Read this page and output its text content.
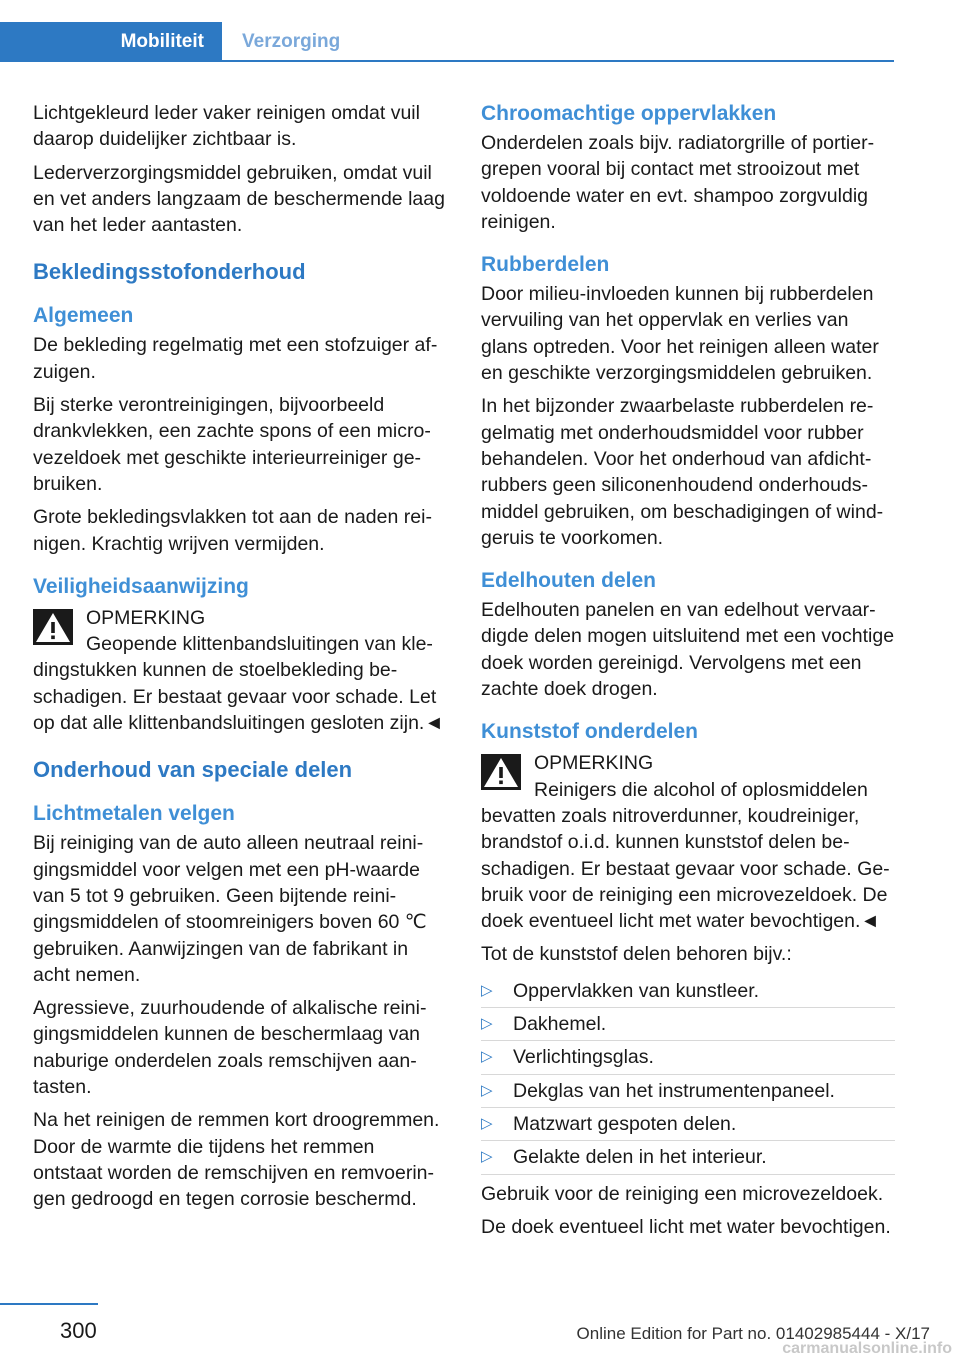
Mobiliteit	Verzorging

Lichtgekleurd leder vaker reinigen omdat vuil daarop duidelijker zichtbaar is.

Lederverzorgingsmiddel gebruiken, omdat vuil en vet anders langzaam de beschermende laag van het leder aantasten.

Bekledingsstofonderhoud
Algemeen

De bekleding regelmatig met een stofzuiger afzuigen.

Bij sterke verontreinigingen, bijvoorbeeld drankvlekken, een zachte spons of een microvezeldoek met geschikte interieurreiniger gebruiken.

Grote bekledingsvlakken tot aan de naden reinigen. Krachtig wrijven vermijden.

Veiligheidsaanwijzing
OPMERKING

Geopende klittenbandsluitingen van kledingstukken kunnen de stoelbekleding beschadigen. Er bestaat gevaar voor schade. Let op dat alle klittenbandsluitingen gesloten zijn.◄

Onderhoud van speciale delen
Lichtmetalen velgen

Bij reiniging van de auto alleen neutraal reinigingsmiddel voor velgen met een pH-waarde van 5 tot 9 gebruiken. Geen bijtende reinigingsmiddelen of stoomreinigers boven 60 ℃ gebruiken. Aanwijzingen van de fabrikant in acht nemen.

Agressieve, zuurhoudende of alkalische reinigingsmiddelen kunnen de beschermlaag van naburige onderdelen zoals remschijven aantasten.

Na het reinigen de remmen kort droogremmen. Door de warmte die tijdens het remmen ontstaat worden de remschijven en remvoeringen gedroogd en tegen corrosie beschermd.

Chroomachtige oppervlakken

Onderdelen zoals bijv. radiatorgrille of portiergrepen vooral bij contact met strooizout met voldoende water en evt. shampoo zorgvuldig reinigen.

Rubberdelen

Door milieu-invloeden kunnen bij rubberdelen vervuiling van het oppervlak en verlies van glans optreden. Voor het reinigen alleen water en geschikte verzorgingsmiddelen gebruiken.

In het bijzonder zwaarbelaste rubberdelen regelmatig met onderhoudsmiddel voor rubber behandelen. Voor het onderhoud van afdichtrubbers geen siliconenhoudend onderhoudsmiddel gebruiken, om beschadigingen of windgeruis te voorkomen.

Edelhouten delen

Edelhouten panelen en van edelhout vervaardigde delen mogen uitsluitend met een vochtige doek worden gereinigd. Vervolgens met een zachte doek drogen.

Kunststof onderdelen
OPMERKING

Reinigers die alcohol of oplosmiddelen bevatten zoals nitroverdunner, koudreiniger, brandstof o.i.d. kunnen kunststof delen beschadigen. Er bestaat gevaar voor schade. Gebruik voor de reiniging een microvezeldoek. De doek eventueel licht met water bevochtigen.◄

Tot de kunststof delen behoren bijv.:

▷ Oppervlakken van kunstleer.
▷ Dakhemel.
▷ Verlichtingsglas.
▷ Dekglas van het instrumentenpaneel.
▷ Matzwart gespoten delen.
▷ Gelakte delen in het interieur.

Gebruik voor de reiniging een microvezeldoek.

De doek eventueel licht met water bevochtigen.

300	Online Edition for Part no. 01402985444 - X/17
carmanualsonline.info
